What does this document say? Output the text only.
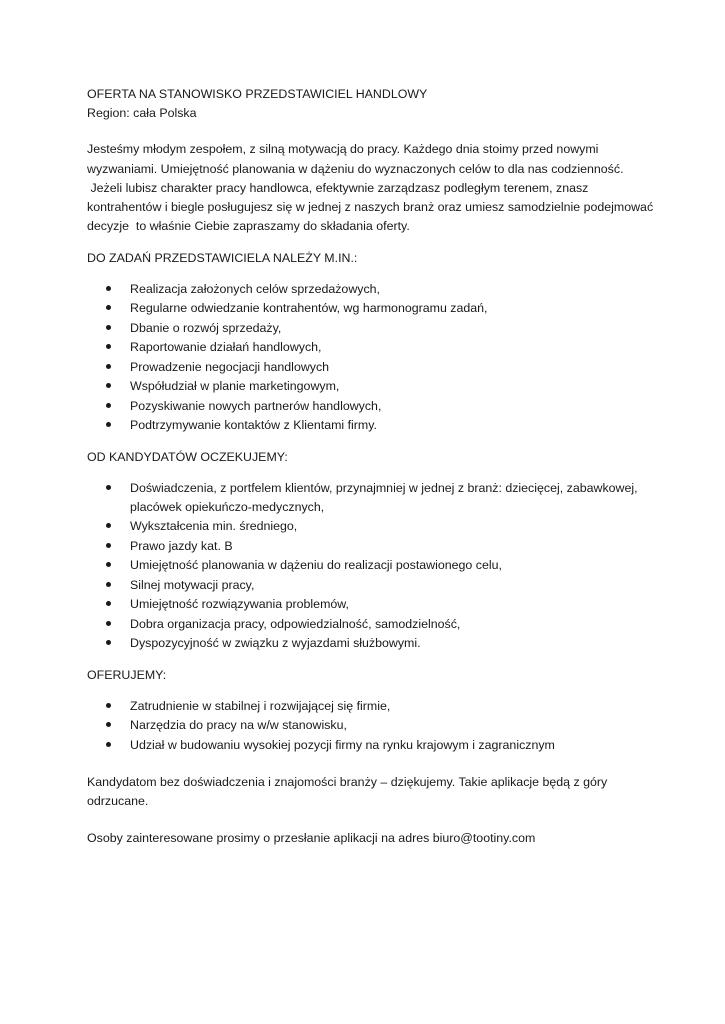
OFERTA NA STANOWISKO PRZEDSTAWICIEL HANDLOWY
Region: cała Polska
Jesteśmy młodym zespołem, z silną motywacją do pracy. Każdego dnia stoimy przed nowymi
wyzwaniami. Umiejętność planowania w dążeniu do wyznaczonych celów to dla nas codzienność.
Jeżeli lubisz charakter pracy handlowca, efektywnie zarządzasz podległym terenem, znasz
kontrahentów i biegle posługujesz się w jednej z naszych branż oraz umiesz samodzielnie podejmować
decyzje  to właśnie Ciebie zapraszamy do składania oferty.
DO ZADAŃ PRZEDSTAWICIELA NALEŻY M.IN.:
Realizacja założonych celów sprzedażowych,
Regularne odwiedzanie kontrahentów, wg harmonogramu zadań,
Dbanie o rozwój sprzedaży,
Raportowanie działań handlowych,
Prowadzenie negocjacji handlowych
Współudział w planie marketingowym,
Pozyskiwanie nowych partnerów handlowych,
Podtrzymywanie kontaktów z Klientami firmy.
OD KANDYDATÓW OCZEKUJEMY:
Doświadczenia, z portfelem klientów, przynajmniej w jednej z branż: dziecięcej, zabawkowej,
placówek opiekuńczo-medycznych,
Wykształcenia min. średniego,
Prawo jazdy kat. B
Umiejętność planowania w dążeniu do realizacji postawionego celu,
Silnej motywacji pracy,
Umiejętność rozwiązywania problemów,
Dobra organizacja pracy, odpowiedzialność, samodzielność,
Dyspozycyjność w związku z wyjazdami służbowymi.
OFERUJEMY:
Zatrudnienie w stabilnej i rozwijającej się firmie,
Narzędzia do pracy na w/w stanowisku,
Udział w budowaniu wysokiej pozycji firmy na rynku krajowym i zagranicznym
Kandydatom bez doświadczenia i znajomości branży – dziękujemy. Takie aplikacje będą z góry
odrzucane.
Osoby zainteresowane prosimy o przesłanie aplikacji na adres biuro@tootiny.com
